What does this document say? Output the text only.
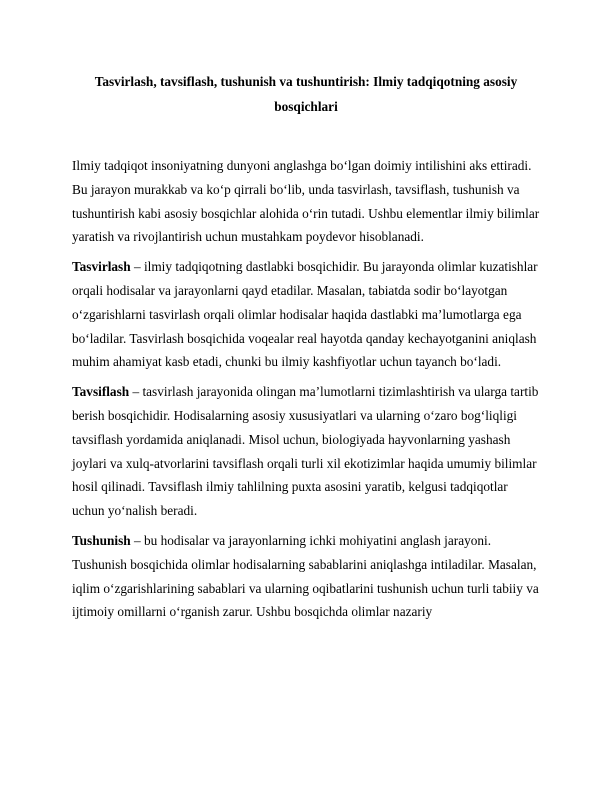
Tasvirlash, tavsiflash, tushunish va tushuntirish: Ilmiy tadqiqotning asosiy bosqichlari

Ilmiy tadqiqot insoniyatning dunyoni anglashga bo‘lgan doimiy intilishini aks ettiradi. Bu jarayon murakkab va ko‘p qirrali bo‘lib, unda tasvirlash, tavsiflash, tushunish va tushuntirish kabi asosiy bosqichlar alohida o‘rin tutadi. Ushbu elementlar ilmiy bilimlar yaratish va rivojlantirish uchun mustahkam poydevor hisoblanadi.

Tasvirlash – ilmiy tadqiqotning dastlabki bosqichidir. Bu jarayonda olimlar kuzatishlar orqali hodisalar va jarayonlarni qayd etadilar. Masalan, tabiatda sodir bo‘layotgan o‘zgarishlarni tasvirlash orqali olimlar hodisalar haqida dastlabki ma’lumotlarga ega bo‘ladilar. Tasvirlash bosqichida voqealar real hayotda qanday kechayotganini aniqlash muhim ahamiyat kasb etadi, chunki bu ilmiy kashfiyotlar uchun tayanch bo‘ladi.

Tavsiflash – tasvirlash jarayonida olingan ma’lumotlarni tizimlashtirish va ularga tartib berish bosqichidir. Hodisalarning asosiy xususiyatlari va ularning o‘zaro bog‘liqligi tavsiflash yordamida aniqlanadi. Misol uchun, biologiyada hayvonlarning yashash joylari va xulq-atvorlarini tavsiflash orqali turli xil ekotizimlar haqida umumiy bilimlar hosil qilinadi. Tavsiflash ilmiy tahlilning puxta asosini yaratib, kelgusi tadqiqotlar uchun yo‘nalish beradi.

Tushunish – bu hodisalar va jarayonlarning ichki mohiyatini anglash jarayoni. Tushunish bosqichida olimlar hodisalarning sabablarini aniqlashga intiladilar. Masalan, iqlim o‘zgarishlarining sabablari va ularning oqibatlarini tushunish uchun turli tabiiy va ijtimoiy omillarni o‘rganish zarur. Ushbu bosqichda olimlar nazariy
